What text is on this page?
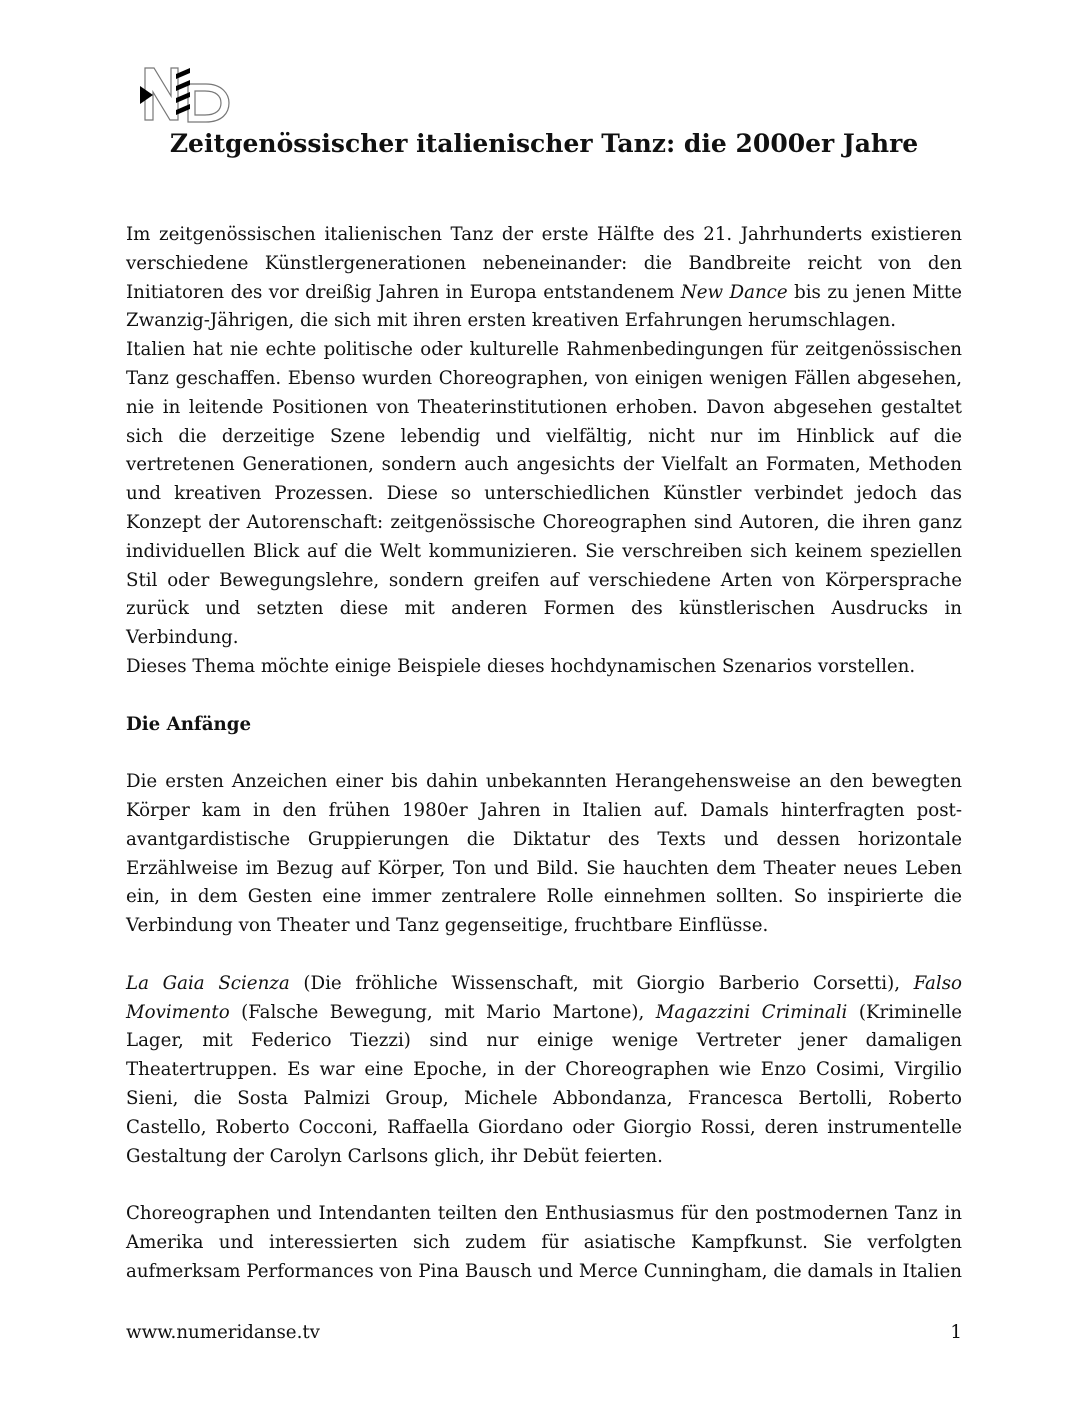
Zeitgenössischer italienischer Tanz: die 2000er Jahre

Im zeitgenössischen italienischen Tanz der erste Hälfte des 21. Jahrhunderts existieren verschiedene Künstlergenerationen nebeneinander: die Bandbreite reicht von den Initiatoren des vor dreißig Jahren in Europa entstandenem New Dance bis zu jenen Mitte Zwanzig-Jährigen, die sich mit ihren ersten kreativen Erfahrungen herumschlagen.

Italien hat nie echte politische oder kulturelle Rahmenbedingungen für zeitgenössischen Tanz geschaffen. Ebenso wurden Choreographen, von einigen wenigen Fällen abgesehen, nie in leitende Positionen von Theaterinstitutionen erhoben. Davon abgesehen gestaltet sich die derzeitige Szene lebendig und vielfältig, nicht nur im Hinblick auf die vertretenen Generationen, sondern auch angesichts der Vielfalt an Formaten, Methoden und kreativen Prozessen. Diese so unterschiedlichen Künstler verbindet jedoch das Konzept der Autorenschaft: zeitgenössische Choreographen sind Autoren, die ihren ganz individuellen Blick auf die Welt kommunizieren. Sie verschreiben sich keinem speziellen Stil oder Bewegungslehre, sondern greifen auf verschiedene Arten von Körpersprache zurück und setzten diese mit anderen Formen des künstlerischen Ausdrucks in Verbindung.

Dieses Thema möchte einige Beispiele dieses hochdynamischen Szenarios vorstellen.

Die Anfänge

Die ersten Anzeichen einer bis dahin unbekannten Herangehensweise an den bewegten Körper kam in den frühen 1980er Jahren in Italien auf. Damals hinterfragten post-avantgardistische Gruppierungen die Diktatur des Texts und dessen horizontale Erzählweise im Bezug auf Körper, Ton und Bild. Sie hauchten dem Theater neues Leben ein, in dem Gesten eine immer zentralere Rolle einnehmen sollten. So inspirierte die Verbindung von Theater und Tanz gegenseitige, fruchtbare Einflüsse.

La Gaia Scienza (Die fröhliche Wissenschaft, mit Giorgio Barberio Corsetti), Falso Movimento (Falsche Bewegung, mit Mario Martone), Magazzini Criminali (Kriminelle Lager, mit Federico Tiezzi) sind nur einige wenige Vertreter jener damaligen Theatertruppen. Es war eine Epoche, in der Choreographen wie Enzo Cosimi, Virgilio Sieni, die Sosta Palmizi Group, Michele Abbondanza, Francesca Bertolli, Roberto Castello, Roberto Cocconi, Raffaella Giordano oder Giorgio Rossi, deren instrumentelle Gestaltung der Carolyn Carlsons glich, ihr Debüt feierten.

Choreographen und Intendanten teilten den Enthusiasmus für den postmodernen Tanz in Amerika und interessierten sich zudem für asiatische Kampfkunst. Sie verfolgten aufmerksam Performances von Pina Bausch und Merce Cunningham, die damals in Italien

www.numeridanse.tv	1
